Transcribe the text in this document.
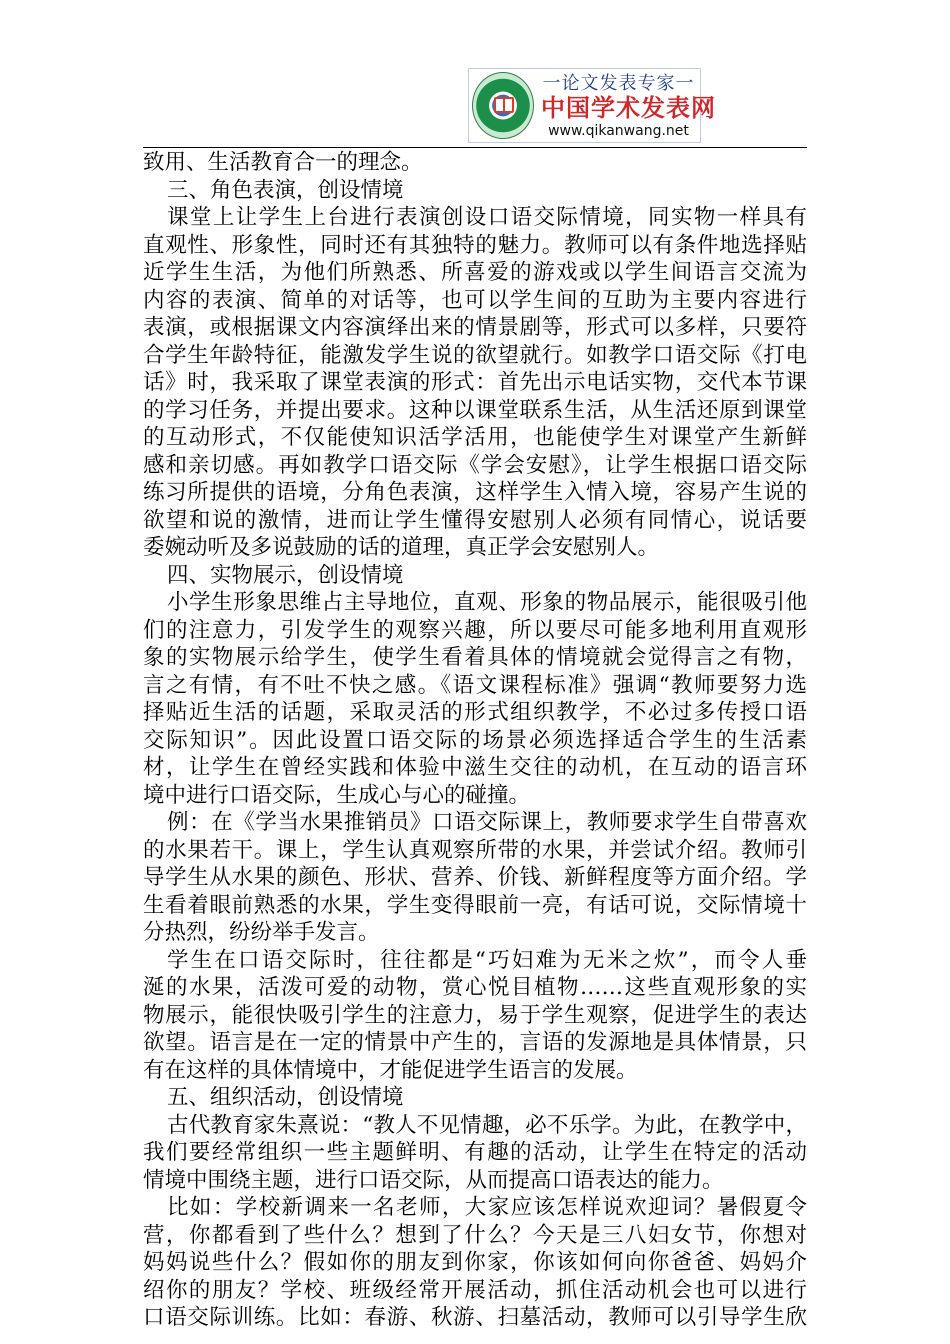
一论文发表专家一
中国学术发表网
www.qikanwang.net
致用、生活教育合一的理念。
三、角色表演，创设情境
课堂上让学生上台进行表演创设口语交际情境，同实物一样具有
直观性、形象性，同时还有其独特的魅力。教师可以有条件地选择贴
近学生生活，为他们所熟悉、所喜爱的游戏或以学生间语言交流为
内容的表演、简单的对话等，也可以学生间的互助为主要内容进行
表演，或根据课文内容演绎出来的情景剧等，形式可以多样，只要符
合学生年龄特征，能激发学生说的欲望就行。如教学口语交际《打电
话》时，我采取了课堂表演的形式：首先出示电话实物，交代本节课
的学习任务，并提出要求。这种以课堂联系生活，从生活还原到课堂
的互动形式，不仅能使知识活学活用，也能使学生对课堂产生新鲜
感和亲切感。再如教学口语交际《学会安慰》，让学生根据口语交际
练习所提供的语境，分角色表演，这样学生入情入境，容易产生说的
欲望和说的激情，进而让学生懂得安慰别人必须有同情心，说话要
委婉动听及多说鼓励的话的道理，真正学会安慰别人。
四、实物展示，创设情境
小学生形象思维占主导地位，直观、形象的物品展示，能很吸引他
们的注意力，引发学生的观察兴趣，所以要尽可能多地利用直观形
象的实物展示给学生，使学生看着具体的情境就会觉得言之有物，
言之有情，有不吐不快之感。《语文课程标准》强调“教师要努力选
择贴近生活的话题，采取灵活的形式组织教学，不必过多传授口语
交际知识”。因此设置口语交际的场景必须选择适合学生的生活素
材，让学生在曾经实践和体验中滋生交往的动机，在互动的语言环
境中进行口语交际，生成心与心的碰撞。
例：在《学当水果推销员》口语交际课上，教师要求学生自带喜欢
的水果若干。课上，学生认真观察所带的水果，并尝试介绍。教师引
导学生从水果的颜色、形状、营养、价钱、新鲜程度等方面介绍。学
生看着眼前熟悉的水果，学生变得眼前一亮，有话可说，交际情境十
分热烈，纷纷举手发言。
学生在口语交际时，往往都是“巧妇难为无米之炊”，而令人垂
涎的水果，活泼可爱的动物，赏心悦目植物……这些直观形象的实
物展示，能很快吸引学生的注意力，易于学生观察，促进学生的表达
欲望。语言是在一定的情景中产生的，言语的发源地是具体情景，只
有在这样的具体情境中，才能促进学生语言的发展。
五、组织活动，创设情境
古代教育家朱熹说：“教人不见情趣，必不乐学。为此，在教学中，
我们要经常组织一些主题鲜明、有趣的活动，让学生在特定的活动
情境中围绕主题，进行口语交际，从而提高口语表达的能力。
比如：学校新调来一名老师，大家应该怎样说欢迎词？暑假夏令
营，你都看到了些什么？想到了什么？今天是三八妇女节，你想对
妈妈说些什么？假如你的朋友到你家，你该如何向你爸爸、妈妈介
绍你的朋友？学校、班级经常开展活动，抓住活动机会也可以进行
口语交际训练。比如：春游、秋游、扫墓活动，教师可以引导学生欣
